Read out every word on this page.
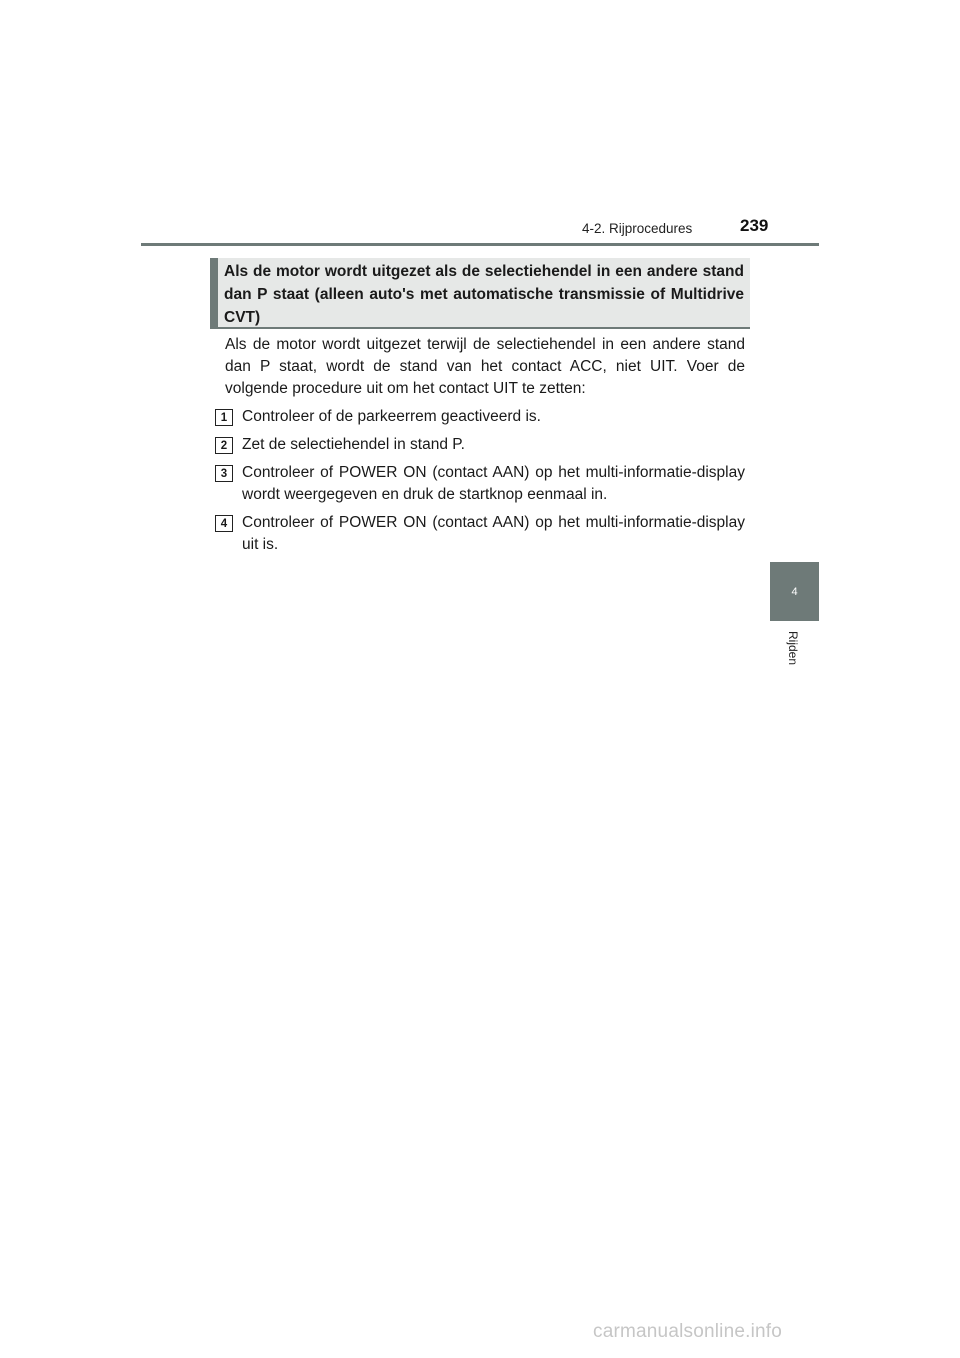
4-2. Rijprocedures	239
4
Rijden

Als de motor wordt uitgezet als de selectiehendel in een andere stand dan P staat (alleen auto's met automatische transmissie of Multidrive CVT)

Als de motor wordt uitgezet terwijl de selectiehendel in een andere stand dan P staat, wordt de stand van het contact ACC, niet UIT. Voer de volgende procedure uit om het contact UIT te zetten:

1 Controleer of de parkeerrem geactiveerd is.

2 Zet de selectiehendel in stand P.

3 Controleer of POWER ON (contact AAN) op het multi-informatie-display wordt weergegeven en druk de startknop eenmaal in.

4 Controleer of POWER ON (contact AAN) op het multi-informatie-display uit is.

carmanualsonline.info
